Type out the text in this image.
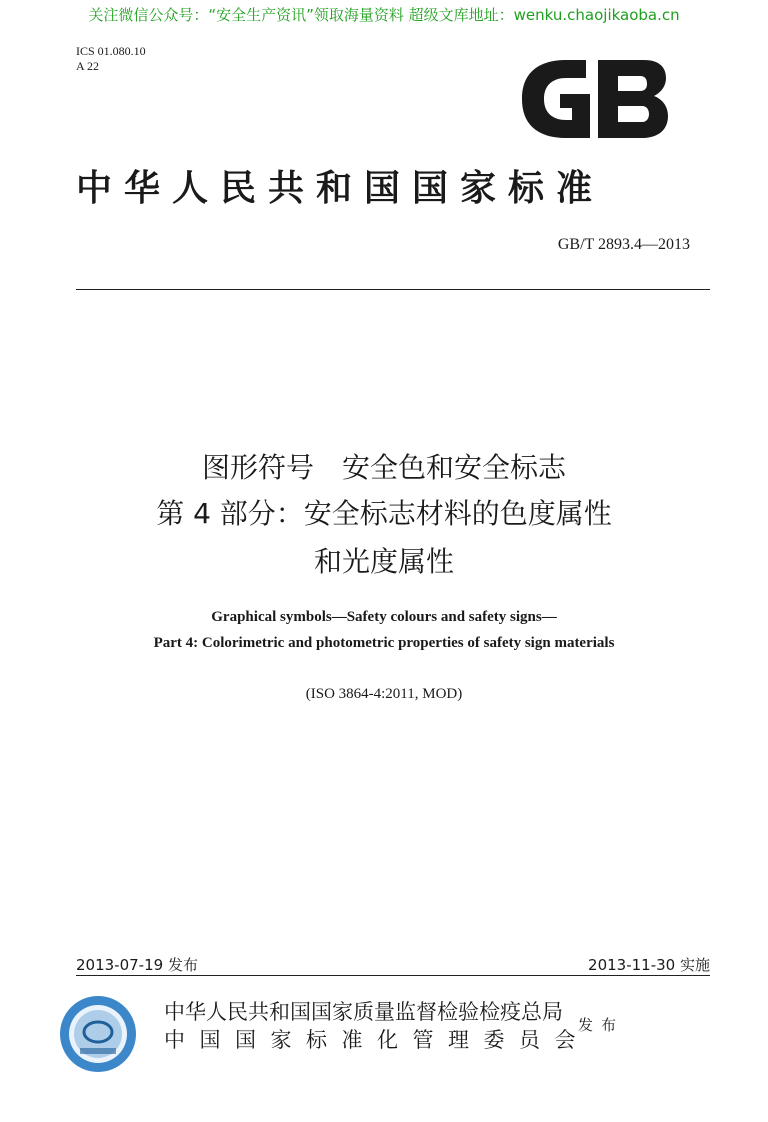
关注微信公众号：“安全生产资讯”领取海量资料 超级文库地址：wenku.chaojikaoba.cn
ICS 01.080.10
A 22
中华人民共和国国家标准
GB/T 2893.4—2013
图形符号　安全色和安全标志
第 4 部分：安全标志材料的色度属性
和光度属性
Graphical symbols—Safety colours and safety signs—
Part 4: Colorimetric and photometric properties of safety sign materials
(ISO 3864-4:2011, MOD)
2013-07-19 发布	2013-11-30 实施
中华人民共和国国家质量监督检验检疫总局
中国国家标准化管理委员会
发布
